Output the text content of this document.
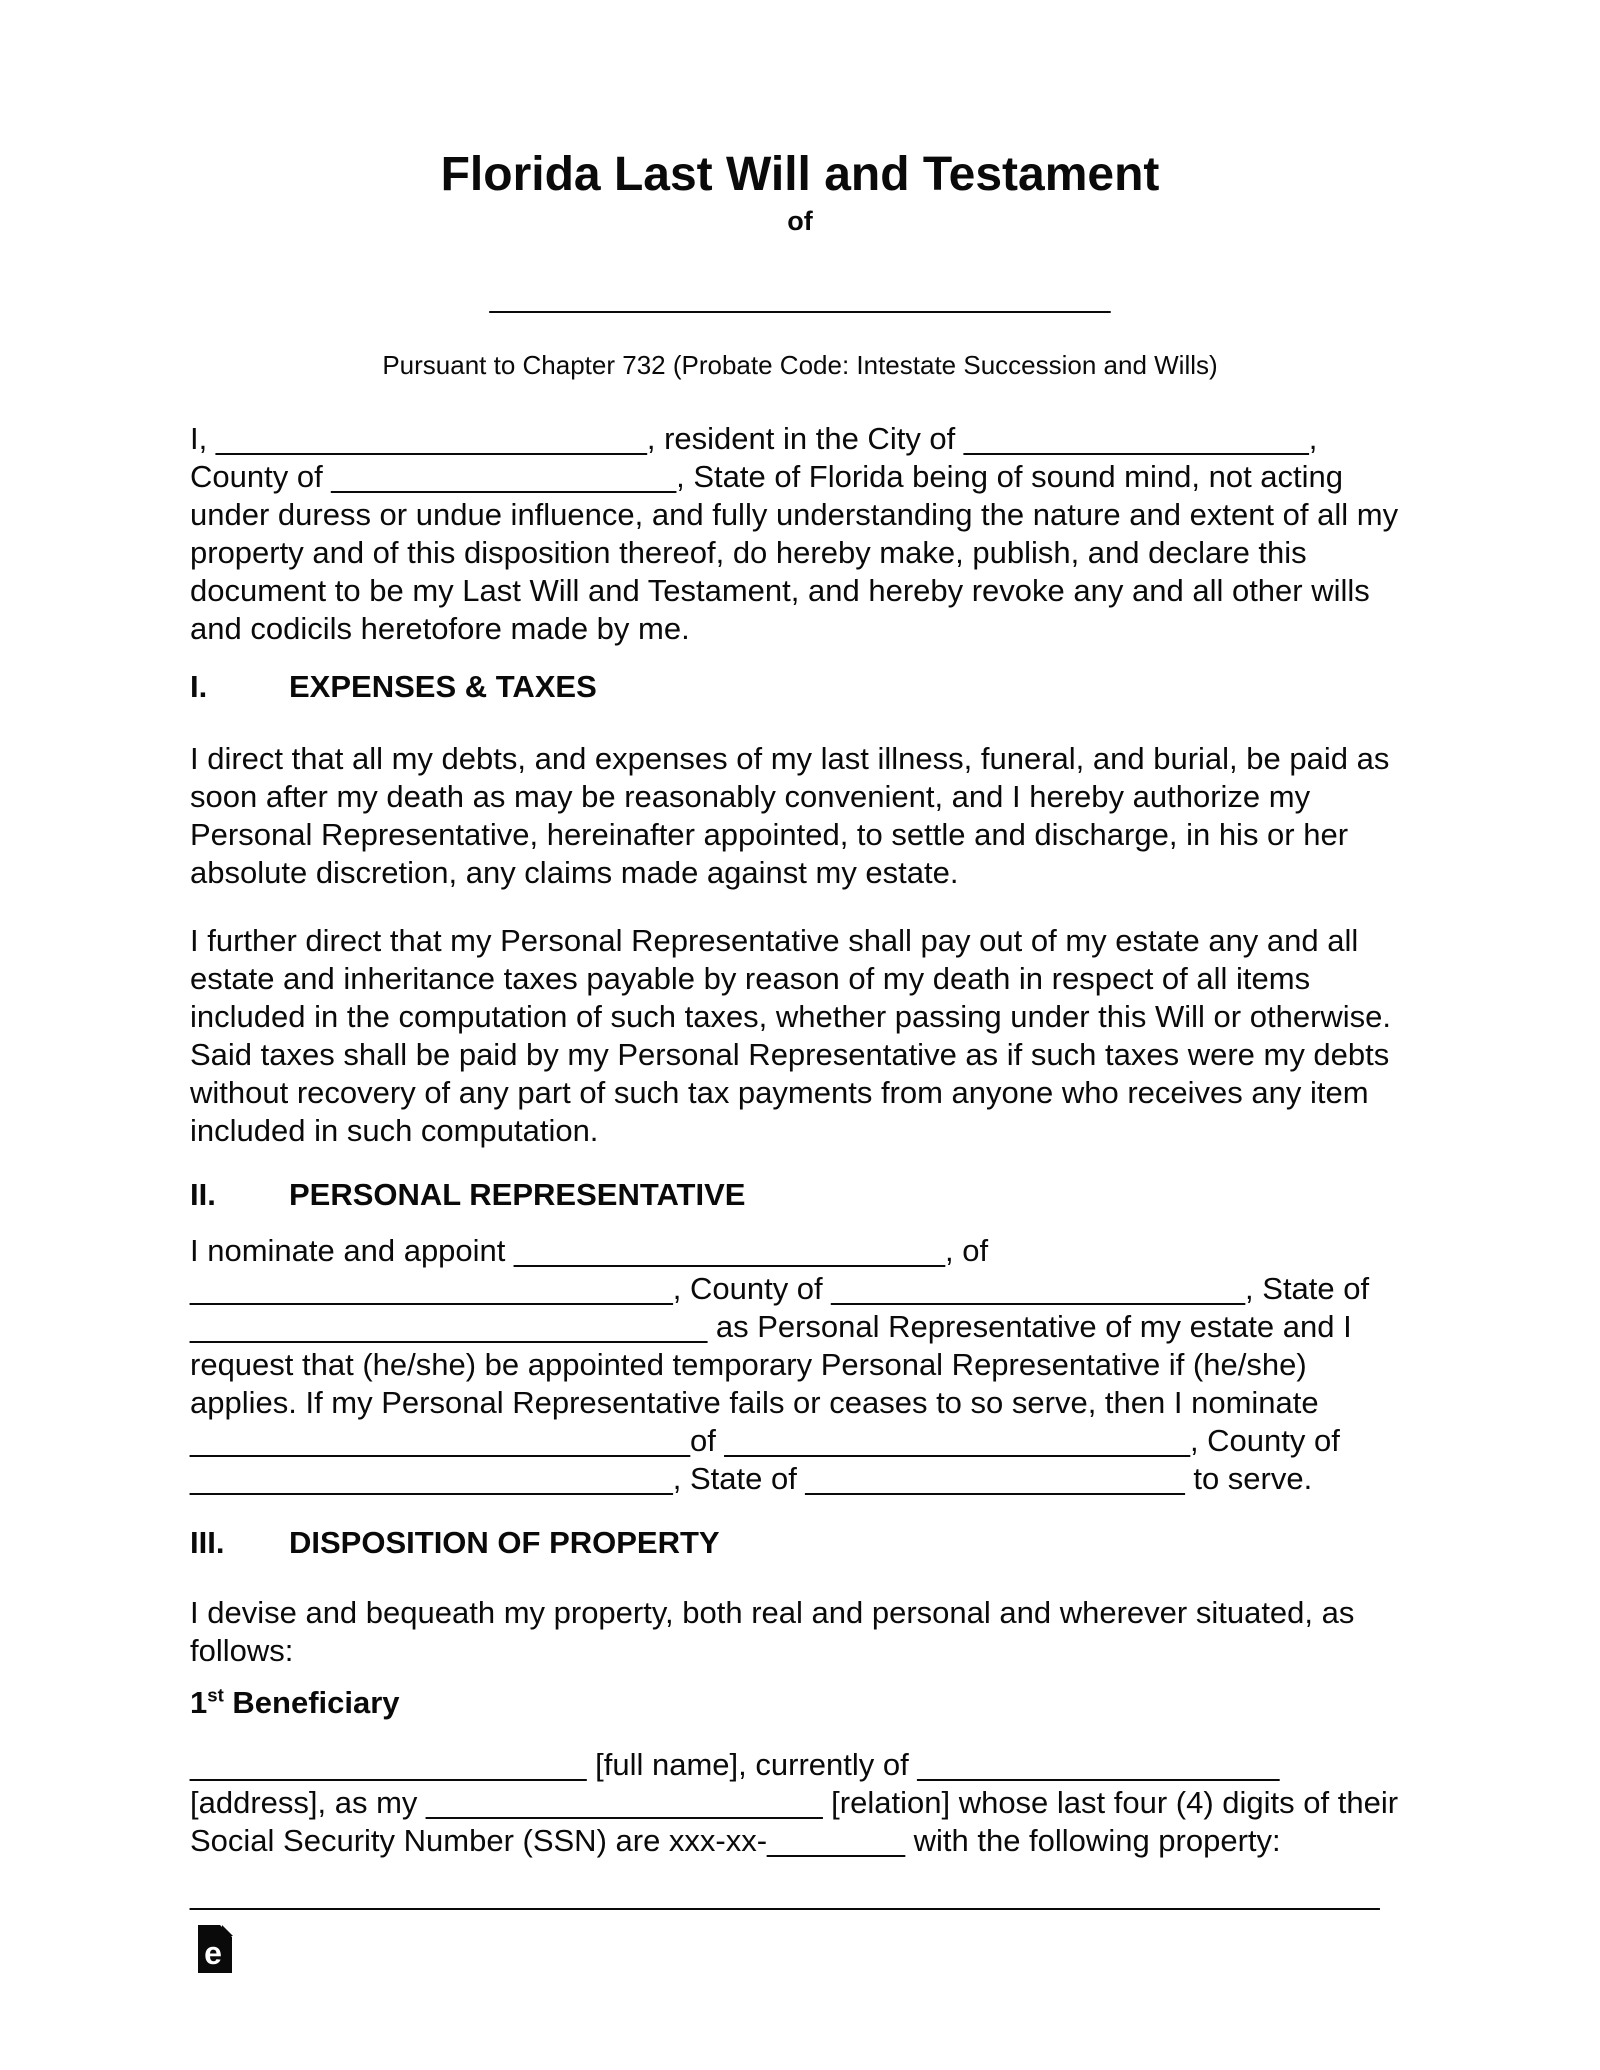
Florida Last Will and Testament
of
____________________________________
Pursuant to Chapter 732 (Probate Code: Intestate Succession and Wills)
I, _________________________, resident in the City of ____________________,
County of ____________________, State of Florida being of sound mind, not acting
under duress or undue influence, and fully understanding the nature and extent of all my
property and of this disposition thereof, do hereby make, publish, and declare this
document to be my Last Will and Testament, and hereby revoke any and all other wills
and codicils heretofore made by me.
I.	EXPENSES & TAXES
I direct that all my debts, and expenses of my last illness, funeral, and burial, be paid as
soon after my death as may be reasonably convenient, and I hereby authorize my
Personal Representative, hereinafter appointed, to settle and discharge, in his or her
absolute discretion, any claims made against my estate.
I further direct that my Personal Representative shall pay out of my estate any and all
estate and inheritance taxes payable by reason of my death in respect of all items
included in the computation of such taxes, whether passing under this Will or otherwise.
Said taxes shall be paid by my Personal Representative as if such taxes were my debts
without recovery of any part of such tax payments from anyone who receives any item
included in such computation.
II. PERSONAL REPRESENTATIVE
I nominate and appoint _________________________, of
____________________________, County of ________________________, State of
______________________________ as Personal Representative of my estate and I
request that (he/she) be appointed temporary Personal Representative if (he/she)
applies. If my Personal Representative fails or ceases to so serve, then I nominate
_____________________________of ___________________________, County of
____________________________, State of ______________________ to serve.
III. DISPOSITION OF PROPERTY
I devise and bequeath my property, both real and personal and wherever situated, as
follows:
1st Beneficiary
_______________________ [full name], currently of _____________________
[address], as my _______________________ [relation] whose last four (4) digits of their
Social Security Number (SSN) are xxx-xx-________ with the following property:
_____________________________________________________________________
e
